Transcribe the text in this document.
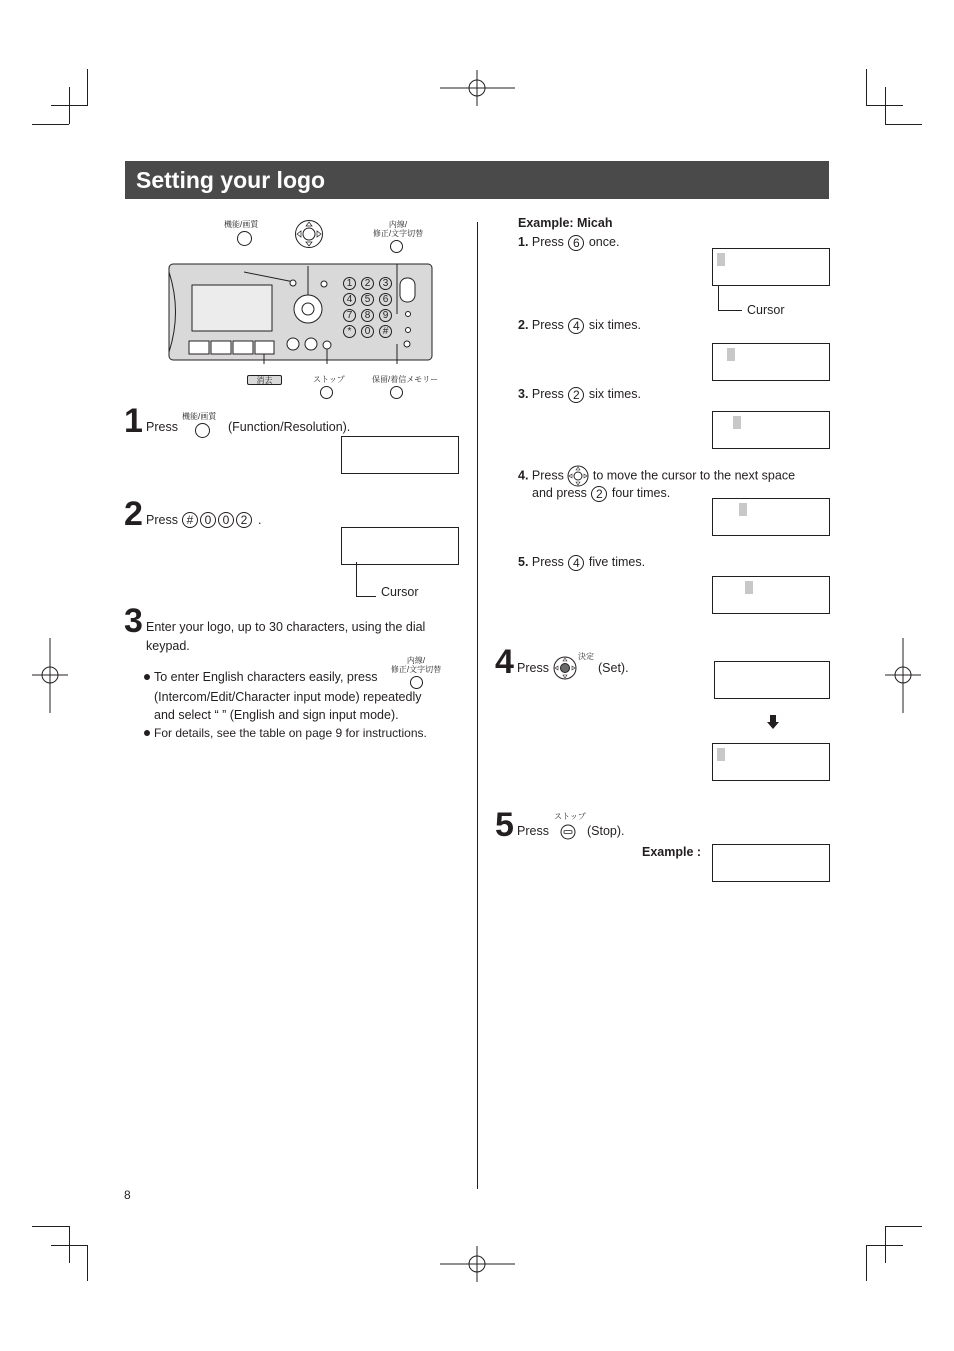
Setting your logo
機能/画質	内線/
修正/文字切替
1	2	3
4	5	6
7	8	9
*	0	#
消去	ストップ	保留/着信メモリー
1 Press
機能/画質
(Function/Resolution).
2 Press # 0 0 2 .
Cursor
3 Enter your logo, up to 30 characters, using the dial
keypad.
To enter English characters easily, press
内線/
修正/文字切替
(Intercom/Edit/Character input mode) repeatedly
and select “ ” (English and sign input mode).
For details, see the table on page 9 for instructions.
Example: Micah
1. Press 6 once.
Cursor
2. Press 4 six times.
3. Press 2 six times.
4. Press to move the cursor to the next space
and press 2 four times.
5. Press 4 five times.
4 Press
決定
(Set).
5 Press
ストップ
(Stop).
Example :
8
